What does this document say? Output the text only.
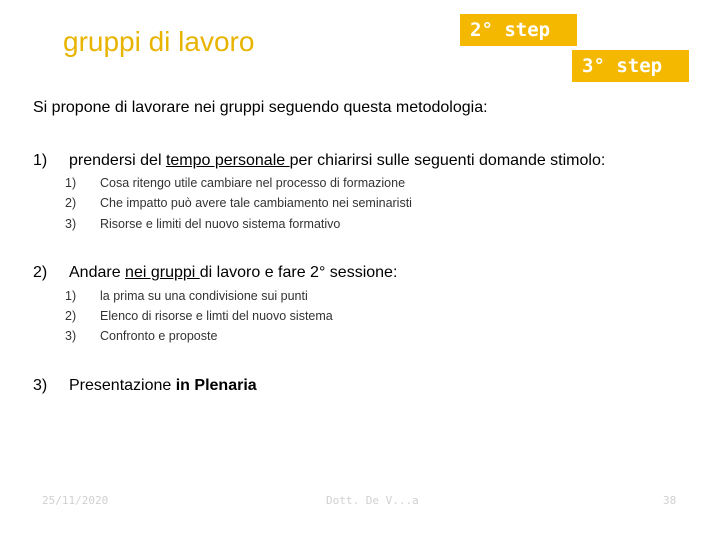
gruppi di lavoro	2° step
3° step
Si propone di lavorare nei gruppi seguendo questa metodologia:
1) prendersi del tempo personale per chiarirsi sulle seguenti domande stimolo:
1) Cosa ritengo utile cambiare nel processo di formazione
2) Che impatto può avere tale cambiamento nei seminaristi
3) Risorse e limiti del nuovo sistema formativo
2) Andare nei gruppi di lavoro e fare 2° sessione:
1) la prima su una condivisione sui punti
2) Elenco di risorse e limti del nuovo sistema
3) Confronto e proposte
3) Presentazione in Plenaria
25/11/2020	Dott. De V...a	38
